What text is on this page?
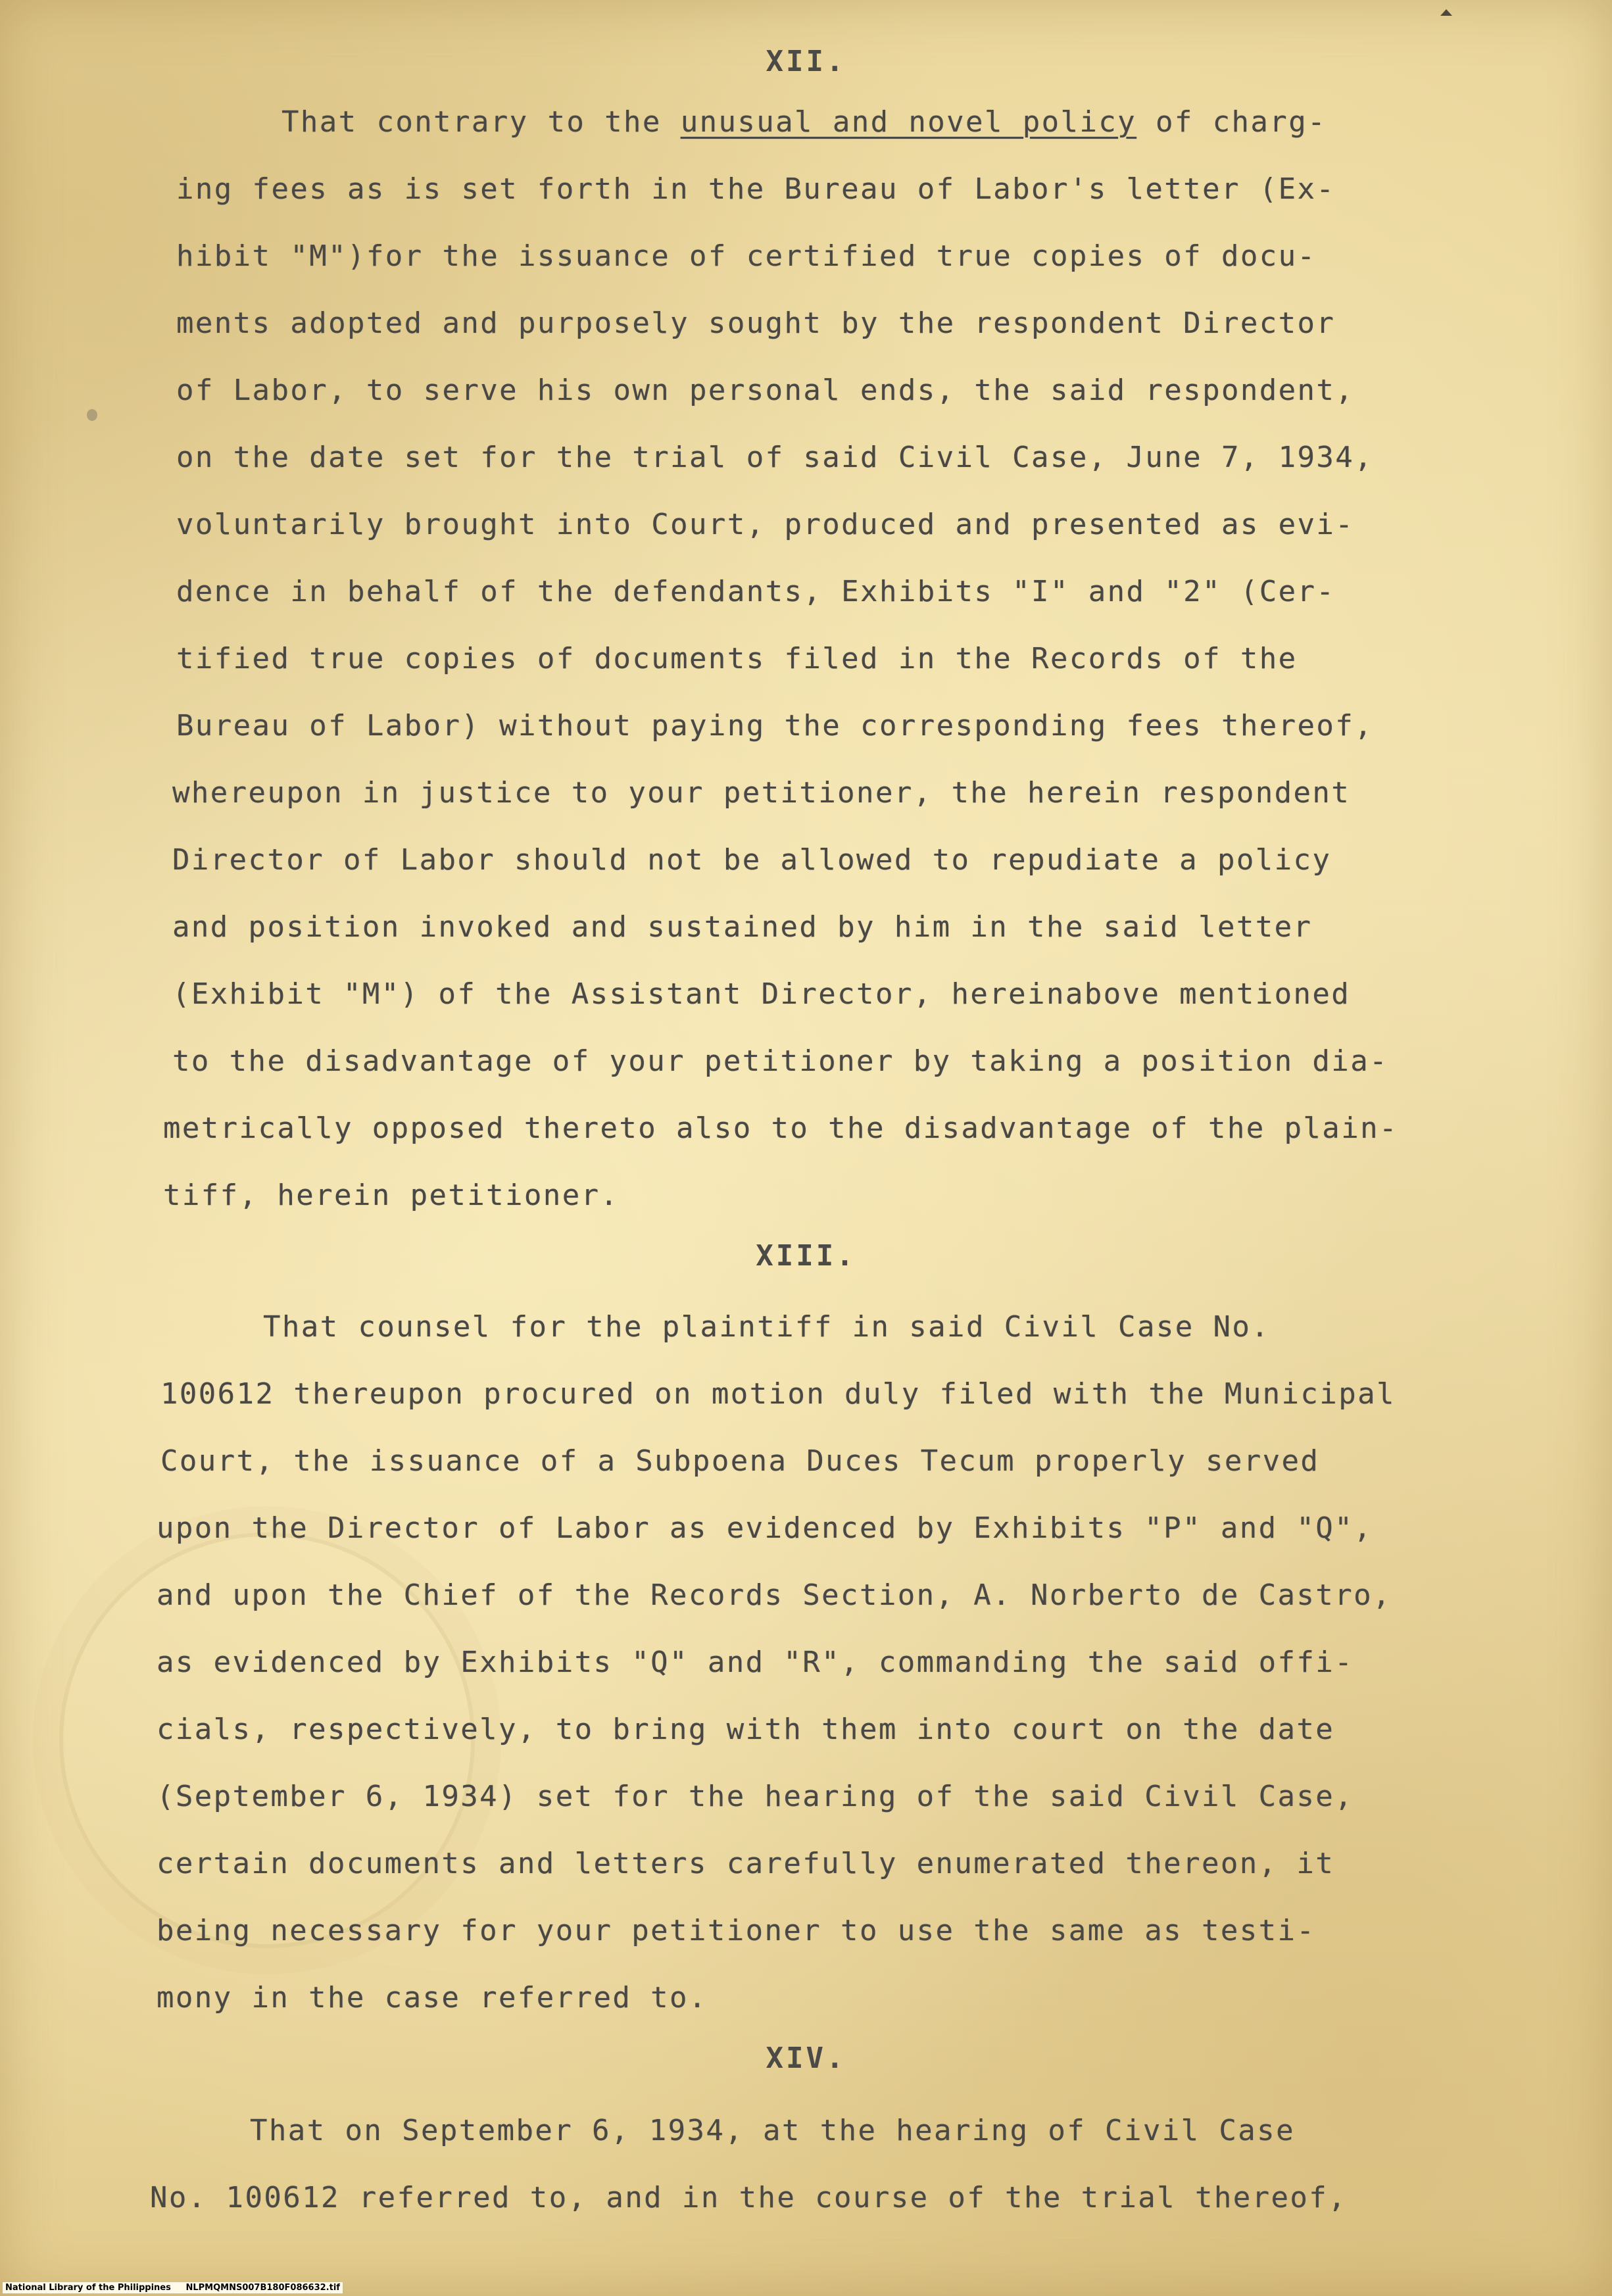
XII.
That contrary to the unusual and novel policy of charg-
ing fees as is set forth in the Bureau of Labor's letter (Ex-
hibit "M")for the issuance of certified true copies of docu-
ments adopted and purposely sought by the respondent Director
of Labor, to serve his own personal ends, the said respondent,
on the date set for the trial of said Civil Case, June 7, 1934,
voluntarily brought into Court, produced and presented as evi-
dence in behalf of the defendants, Exhibits "I" and "2" (Cer-
tified true copies of documents filed in the Records of the
Bureau of Labor) without paying the corresponding fees thereof,
whereupon in justice to your petitioner, the herein respondent
Director of Labor should not be allowed to repudiate a policy
and position invoked and sustained by him in the said letter
(Exhibit "M") of the Assistant Director, hereinabove mentioned
to the disadvantage of your petitioner by taking a position dia-
metrically opposed thereto also to the disadvantage of the plain-
tiff, herein petitioner.
XIII.
That counsel for the plaintiff in said Civil Case No.
100612 thereupon procured on motion duly filed with the Municipal
Court, the issuance of a Subpoena Duces Tecum properly served
upon the Director of Labor as evidenced by Exhibits "P" and "Q",
and upon the Chief of the Records Section, A. Norberto de Castro,
as evidenced by Exhibits "Q" and "R", commanding the said offi-
cials, respectively, to bring with them into court on the date
(September 6, 1934) set for the hearing of the said Civil Case,
certain documents and letters carefully enumerated thereon, it
being necessary for your petitioner to use the same as testi-
mony in the case referred to.
XIV.
That on September 6, 1934, at the hearing of Civil Case
No. 100612 referred to, and in the course of the trial thereof,
National Library of the Philippines     NLPMQMNS007B180F086632.tif
